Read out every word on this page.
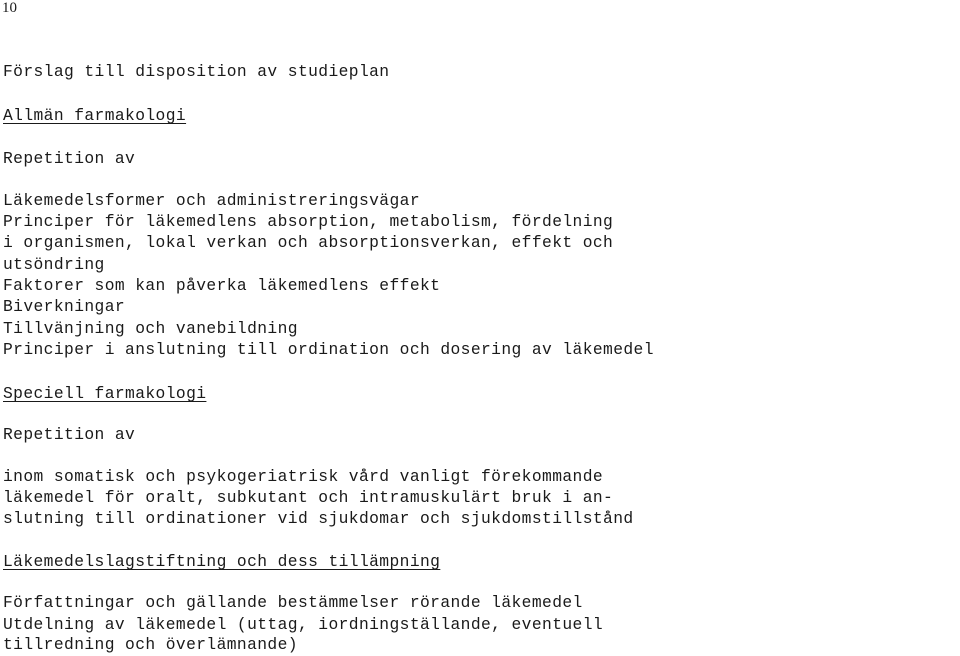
10

Förslag till disposition av studieplan

Allmän farmakologi

Repetition av

Läkemedelsformer och administreringsvägar

Principer för läkemedlens absorption, metabolism, fördelning

i organismen, lokal verkan och absorptionsverkan, effekt och

utsöndring

Faktorer som kan påverka läkemedlens effekt

Biverkningar

Tillvänjning och vanebildning

Principer i anslutning till ordination och dosering av läkemedel

Speciell farmakologi

Repetition av

inom somatisk och psykogeriatrisk vård vanligt förekommande

läkemedel för oralt, subkutant och intramuskulärt bruk i an-

slutning till ordinationer vid sjukdomar och sjukdomstillstånd

Läkemedelslagstiftning och dess tillämpning

Författningar och gällande bestämmelser rörande läkemedel

Utdelning av läkemedel (uttag, iordningställande, eventuell

tillredning och överlämnande)
